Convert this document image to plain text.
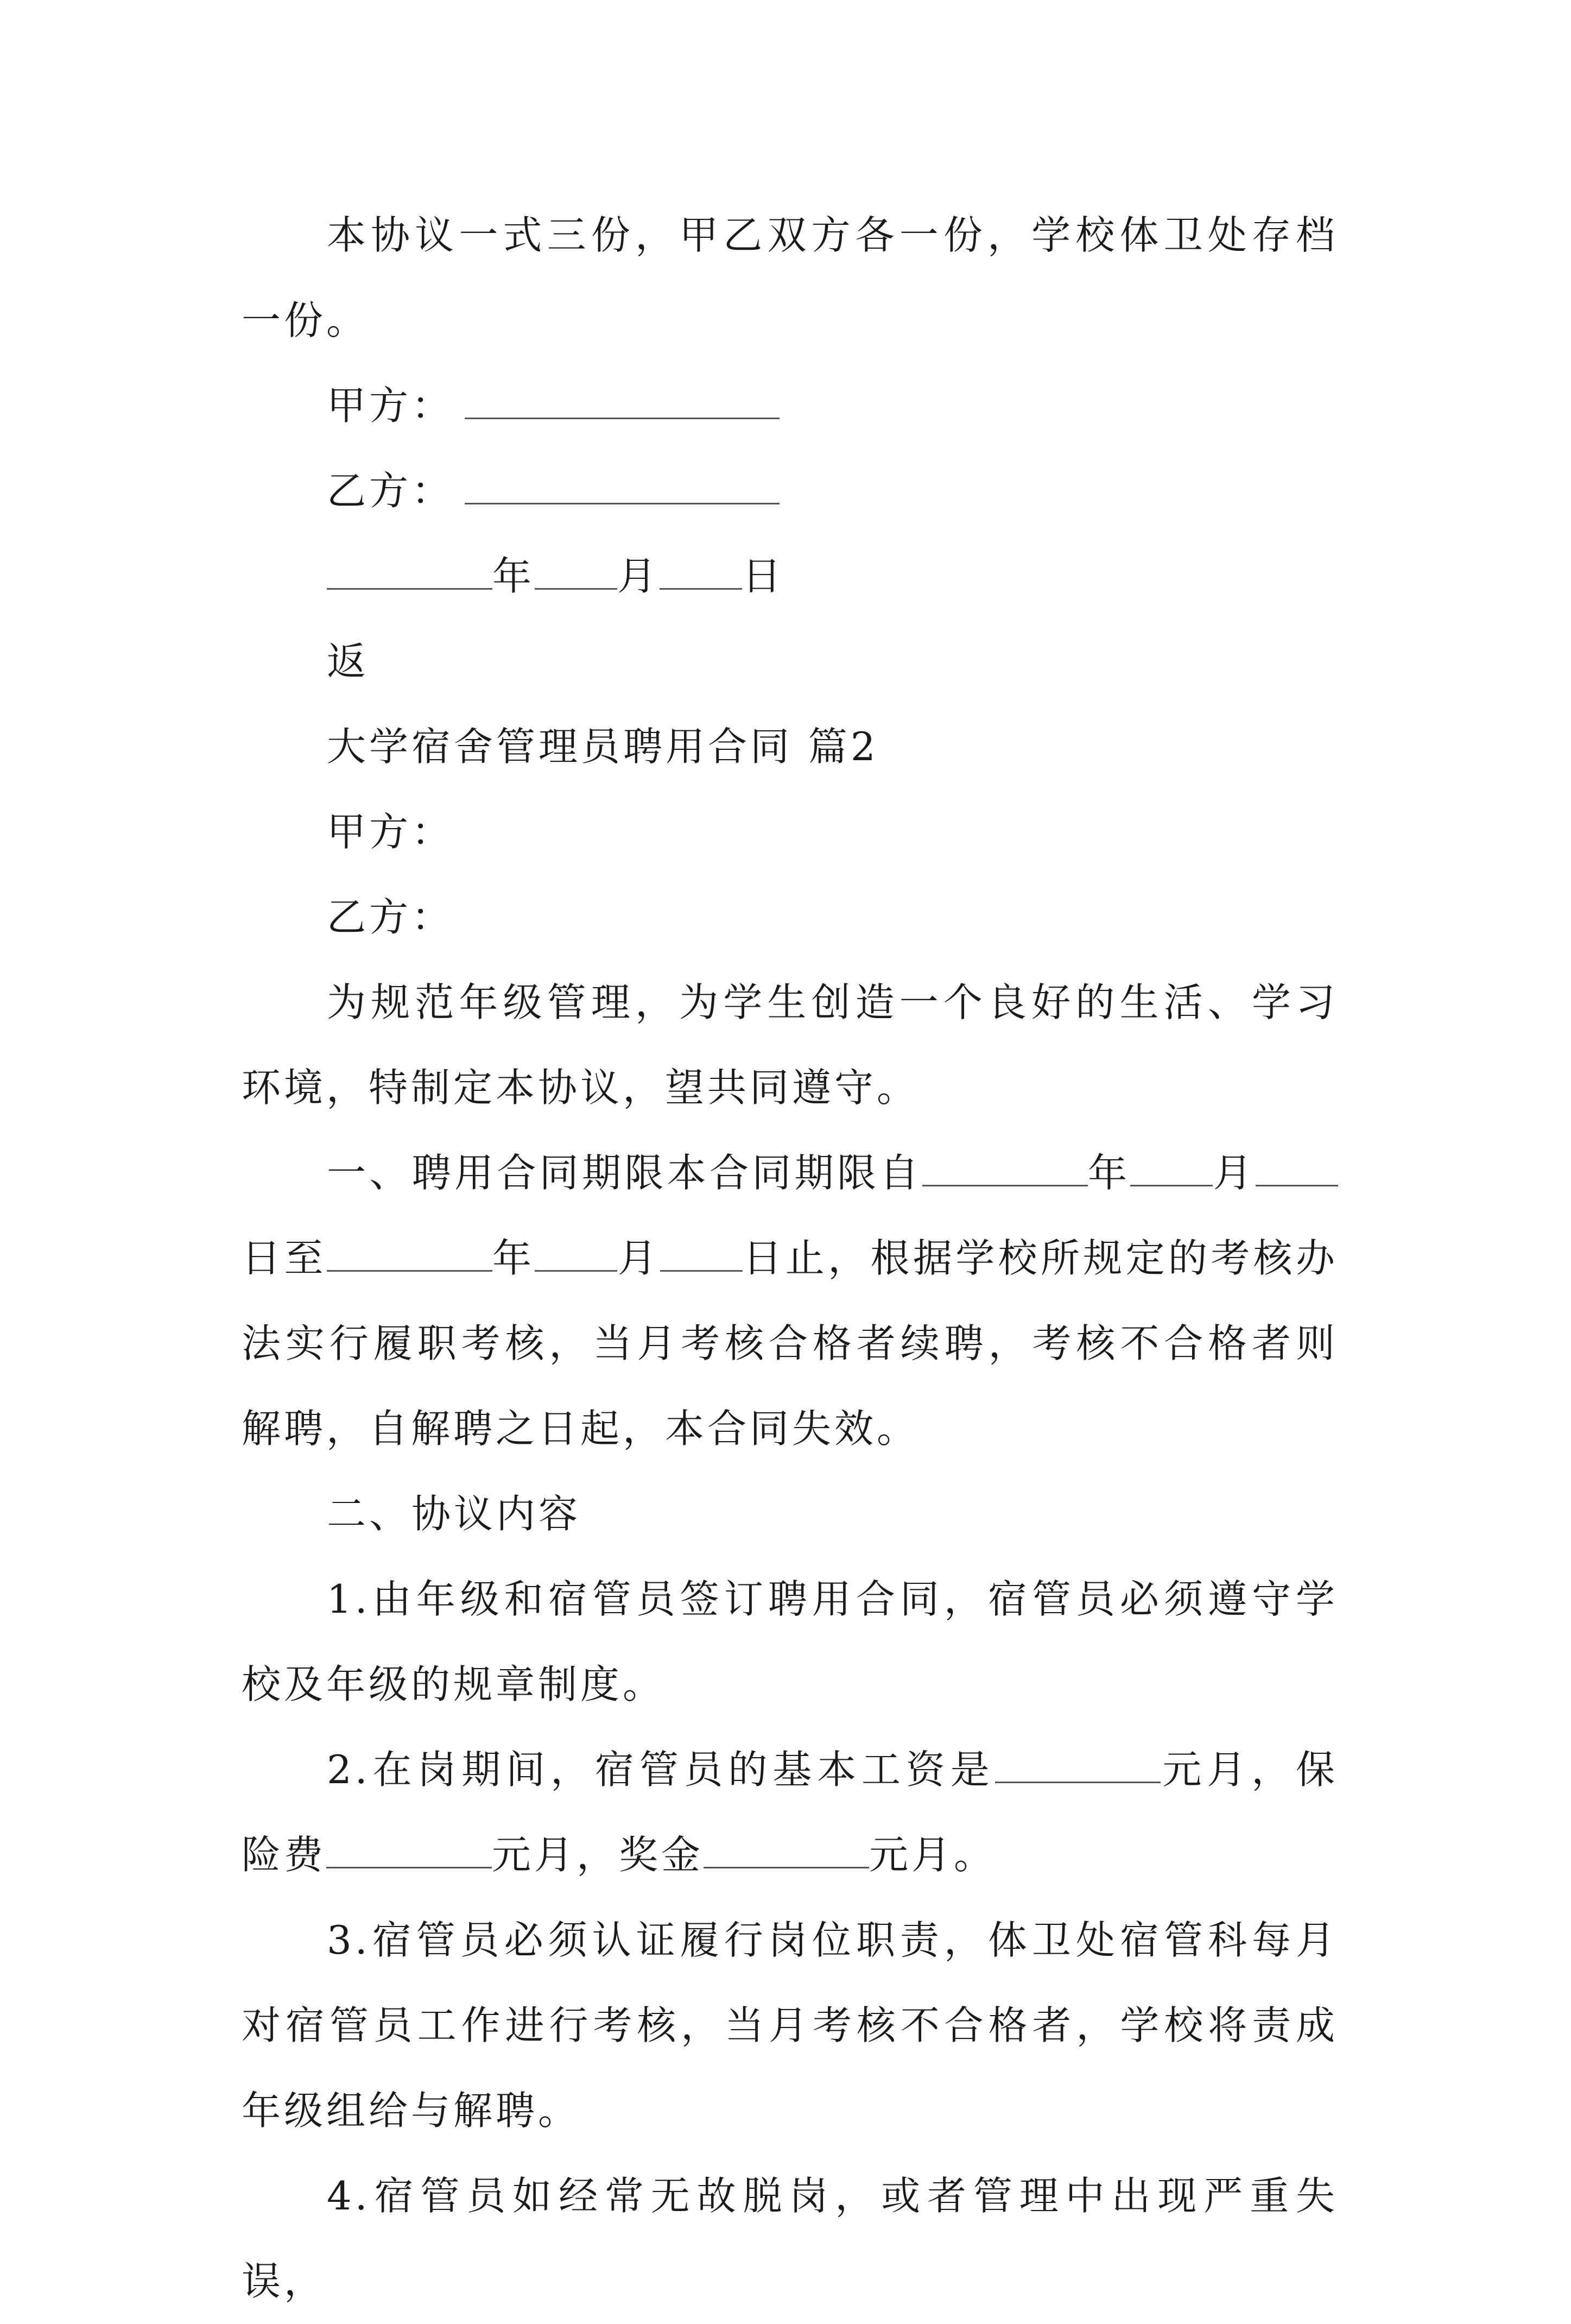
本协议一式三份，甲乙双方各一份，学校体卫处存档一份。

甲方：

乙方：

年 月 日

返

大学宿舍管理员聘用合同 篇2

甲方：

乙方：

为规范年级管理，为学生创造一个良好的生活、学习环境，特制定本协议，望共同遵守。

一、聘用合同期限本合同期限自	年 月日至	年 月 日止，根据学校所规定的考核办法实行履职考核，当月考核合格者续聘，考核不合格者则解聘，自解聘之日起，本合同失效。

二、协议内容

1.由年级和宿管员签订聘用合同，宿管员必须遵守学校及年级的规章制度。

2.在岗期间，宿管员的基本工资是	元月，保险费	元月，奖金	元月。

3.宿管员必须认证履行岗位职责，体卫处宿管科每月对宿管员工作进行考核，当月考核不合格者，学校将责成年级组给与解聘。

4.宿管员如经常无故脱岗，或者管理中出现严重失误，
